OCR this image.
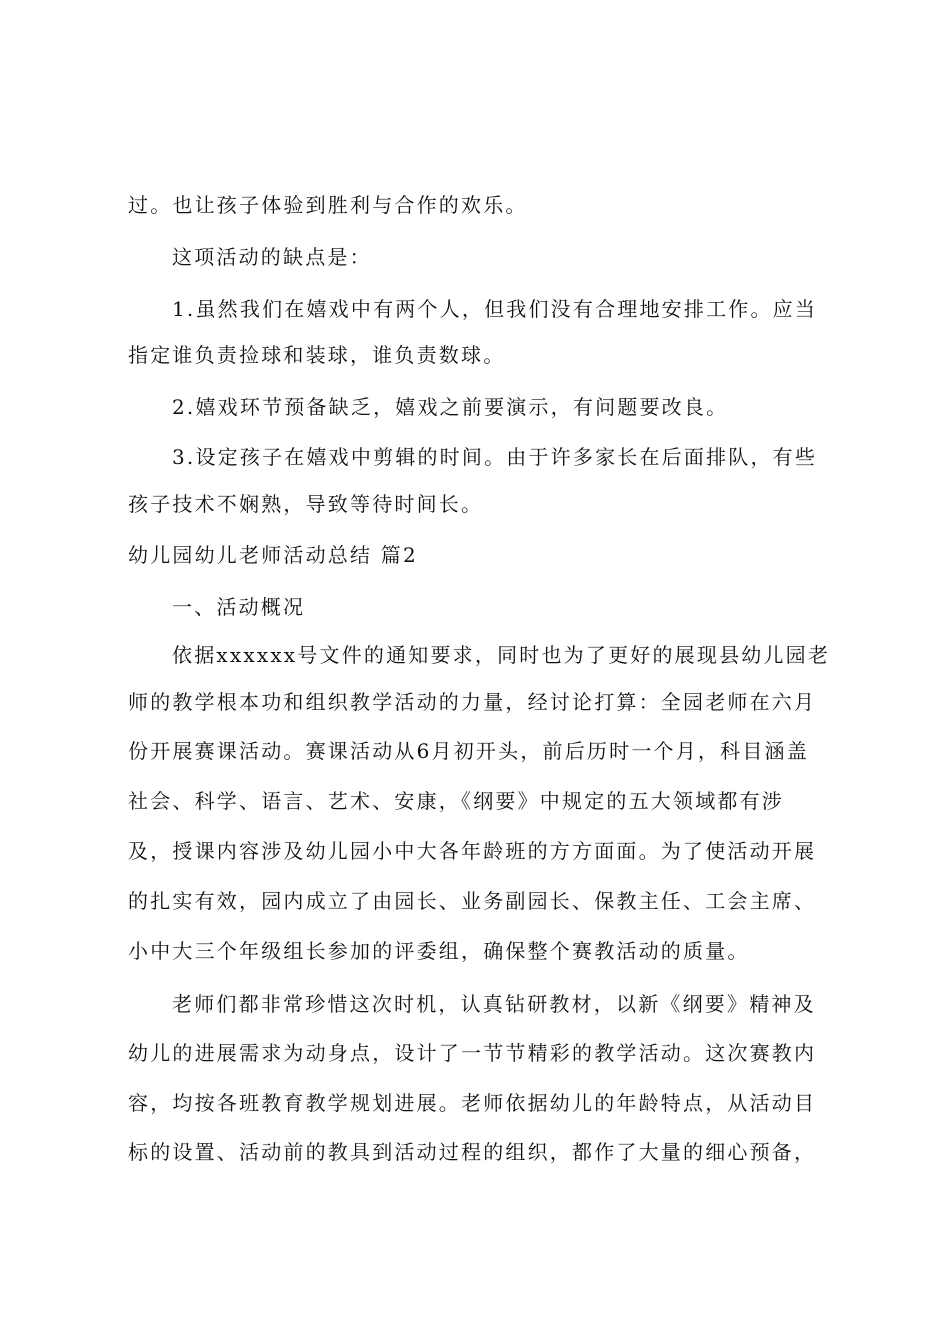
过。也让孩子体验到胜利与合作的欢乐。
这项活动的缺点是：
1.虽然我们在嬉戏中有两个人，但我们没有合理地安排工作。应当
指定谁负责捡球和装球，谁负责数球。
2.嬉戏环节预备缺乏，嬉戏之前要演示，有问题要改良。
3.设定孩子在嬉戏中剪辑的时间。由于许多家长在后面排队，有些
孩子技术不娴熟，导致等待时间长。
幼儿园幼儿老师活动总结 篇2
一、活动概况
依据xxxxxx号文件的通知要求，同时也为了更好的展现县幼儿园老
师的教学根本功和组织教学活动的力量，经讨论打算：全园老师在六月
份开展赛课活动。赛课活动从6月初开头，前后历时一个月，科目涵盖
社会、科学、语言、艺术、安康，《纲要》中规定的五大领域都有涉
及，授课内容涉及幼儿园小中大各年龄班的方方面面。为了使活动开展
的扎实有效，园内成立了由园长、业务副园长、保教主任、工会主席、
小中大三个年级组长参加的评委组，确保整个赛教活动的质量。
老师们都非常珍惜这次时机，认真钻研教材，以新《纲要》精神及
幼儿的进展需求为动身点，设计了一节节精彩的教学活动。这次赛教内
容，均按各班教育教学规划进展。老师依据幼儿的年龄特点，从活动目
标的设置、活动前的教具到活动过程的组织，都作了大量的细心预备，
